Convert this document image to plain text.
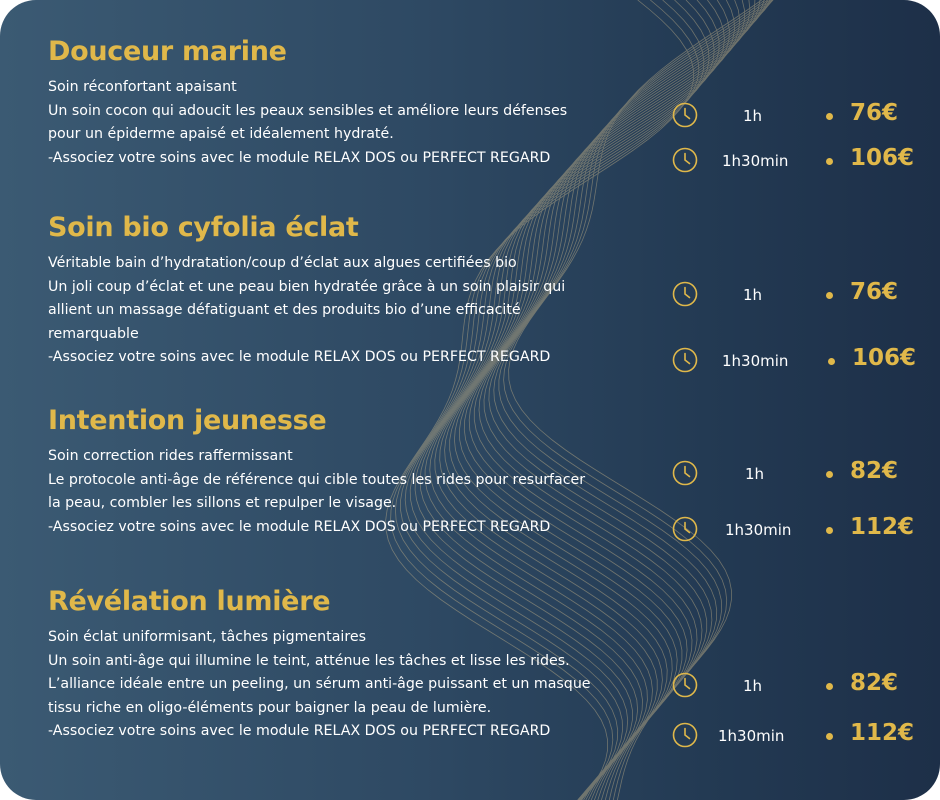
Douceur marine

Soin réconfortant apaisant

Un soin cocon qui adoucit les peaux sensibles et améliore leurs défenses

pour un épiderme apaisé et idéalement hydraté.

-Associez votre soins avec le module RELAX DOS ou PERFECT REGARD

1h	76€
1h30min	106€
Soin bio cyfolia éclat

Véritable bain d’hydratation/coup d’éclat aux algues certifiées bio

Un joli coup d’éclat et une peau bien hydratée grâce à un soin plaisir qui

allient un massage défatiguant et des produits bio d’une efficacité

remarquable

-Associez votre soins avec le module RELAX DOS ou PERFECT REGARD

1h	76€
1h30min	106€
Intention jeunesse

Soin correction rides raffermissant

Le protocole anti-âge de référence qui cible toutes les rides pour resurfacer

la peau, combler les sillons et repulper le visage.

-Associez votre soins avec le module RELAX DOS ou PERFECT REGARD

1h	82€
1h30min	112€
Révélation lumière

Soin éclat uniformisant, tâches pigmentaires

Un soin anti-âge qui illumine le teint, atténue les tâches et lisse les rides.

L’alliance idéale entre un peeling, un sérum anti-âge puissant et un masque

tissu riche en oligo-éléments pour baigner la peau de lumière.

-Associez votre soins avec le module RELAX DOS ou PERFECT REGARD

1h	82€
1h30min	112€
